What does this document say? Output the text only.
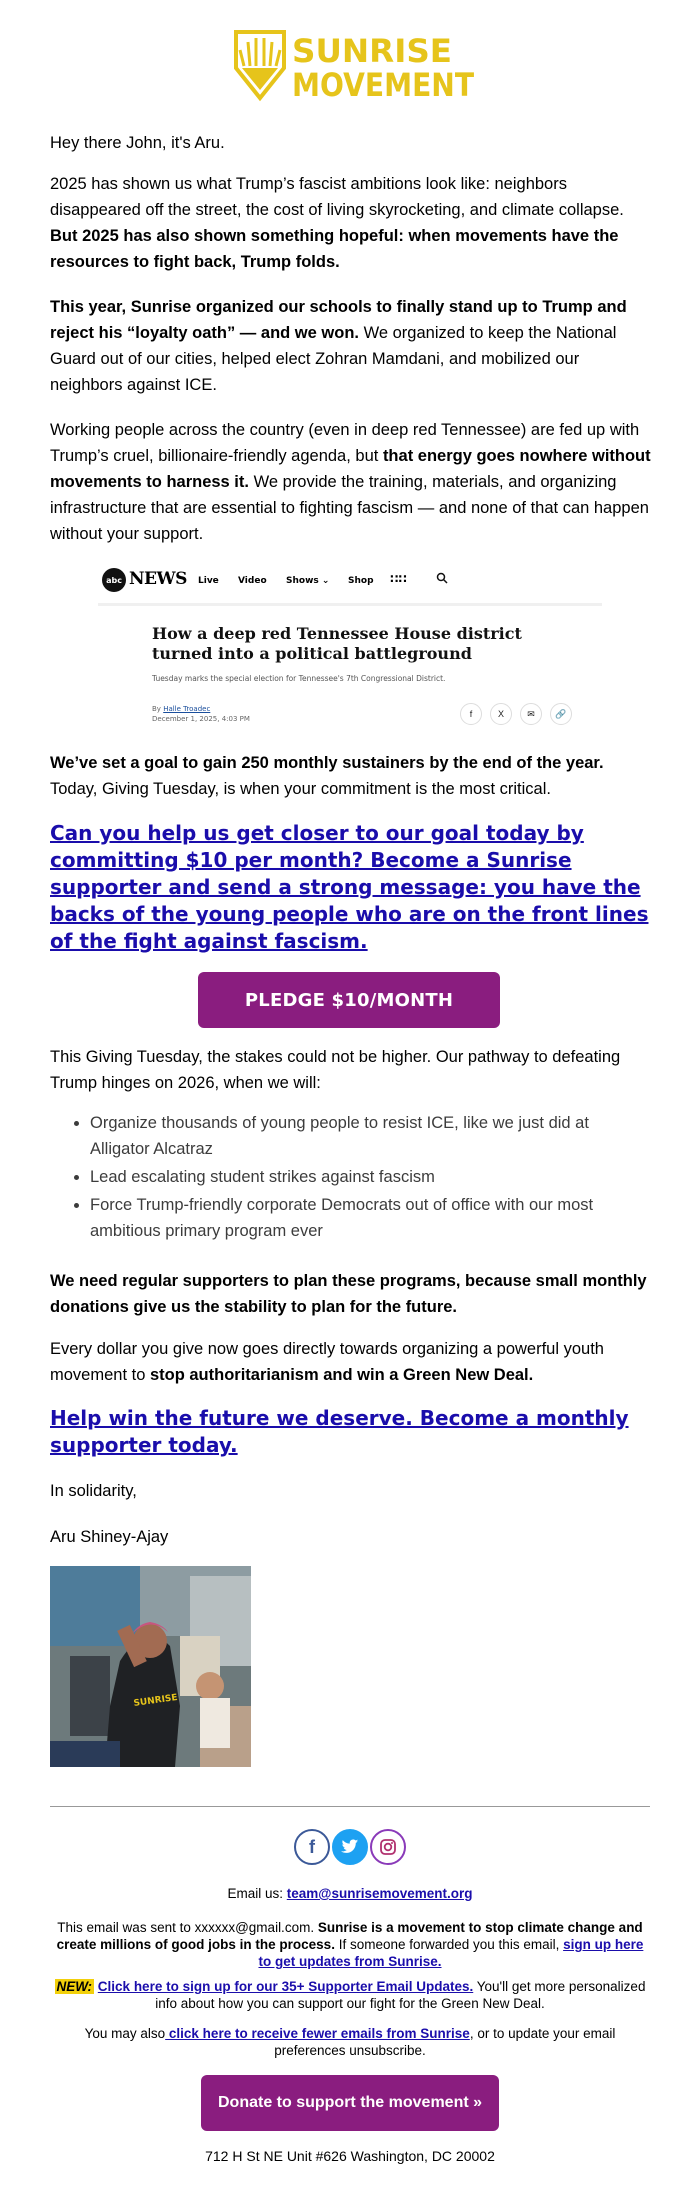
SUNRISE
MOVEMENT

Hey there John, it's Aru.

2025 has shown us what Trump’s fascist ambitions look like: neighbors disappeared off the street, the cost of living skyrocketing, and climate collapse. But 2025 has also shown something hopeful: when movements have the resources to fight back, Trump folds.

This year, Sunrise organized our schools to finally stand up to Trump and reject his “loyalty oath” — and we won. We organized to keep the National Guard out of our cities, helped elect Zohran Mamdani, and mobilized our neighbors against ICE.

Working people across the country (even in deep red Tennessee) are fed up with Trump’s cruel, billionaire-friendly agenda, but that energy goes nowhere without movements to harness it. We provide the training, materials, and organizing infrastructure that are essential to fighting fascism — and none of that can happen without your support.

abc NEWS Live Video Shows ⌄ Shop ∷∷
How a deep red Tennessee House district turned into a political battleground
Tuesday marks the special election for Tennessee's 7th Congressional District.
By Halle Troadec
December 1, 2025, 4:03 PM	f	X	✉	🔗

We’ve set a goal to gain 250 monthly sustainers by the end of the year. Today, Giving Tuesday, is when your commitment is the most critical.

Can you help us get closer to our goal today by committing $10 per month? Become a Sunrise supporter and send a strong message: you have the backs of the young people who are on the front lines of the fight against fascism.
PLEDGE $10/MONTH

This Giving Tuesday, the stakes could not be higher. Our pathway to defeating Trump hinges on 2026, when we will:

• Organize thousands of young people to resist ICE, like we just did at Alligator Alcatraz
• Lead escalating student strikes against fascism
• Force Trump-friendly corporate Democrats out of office with our most ambitious primary program ever

We need regular supporters to plan these programs, because small monthly donations give us the stability to plan for the future.

Every dollar you give now goes directly towards organizing a powerful youth movement to stop authoritarianism and win a Green New Deal.

Help win the future we deserve. Become a monthly supporter today.

In solidarity,

Aru Shiney-Ajay

SUNRISE
f
Email us: team@sunrisemovement.org
This email was sent to xxxxxx@gmail.com. Sunrise is a movement to stop climate change and create millions of good jobs in the process. If someone forwarded you this email, sign up here to get updates from Sunrise.
NEW: Click here to sign up for our 35+ Supporter Email Updates. You'll get more personalized info about how you can support our fight for the Green New Deal.
You may also click here to receive fewer emails from Sunrise, or to update your email preferences unsubscribe.
Donate to support the movement »
712 H St NE Unit #626 Washington, DC 20002
